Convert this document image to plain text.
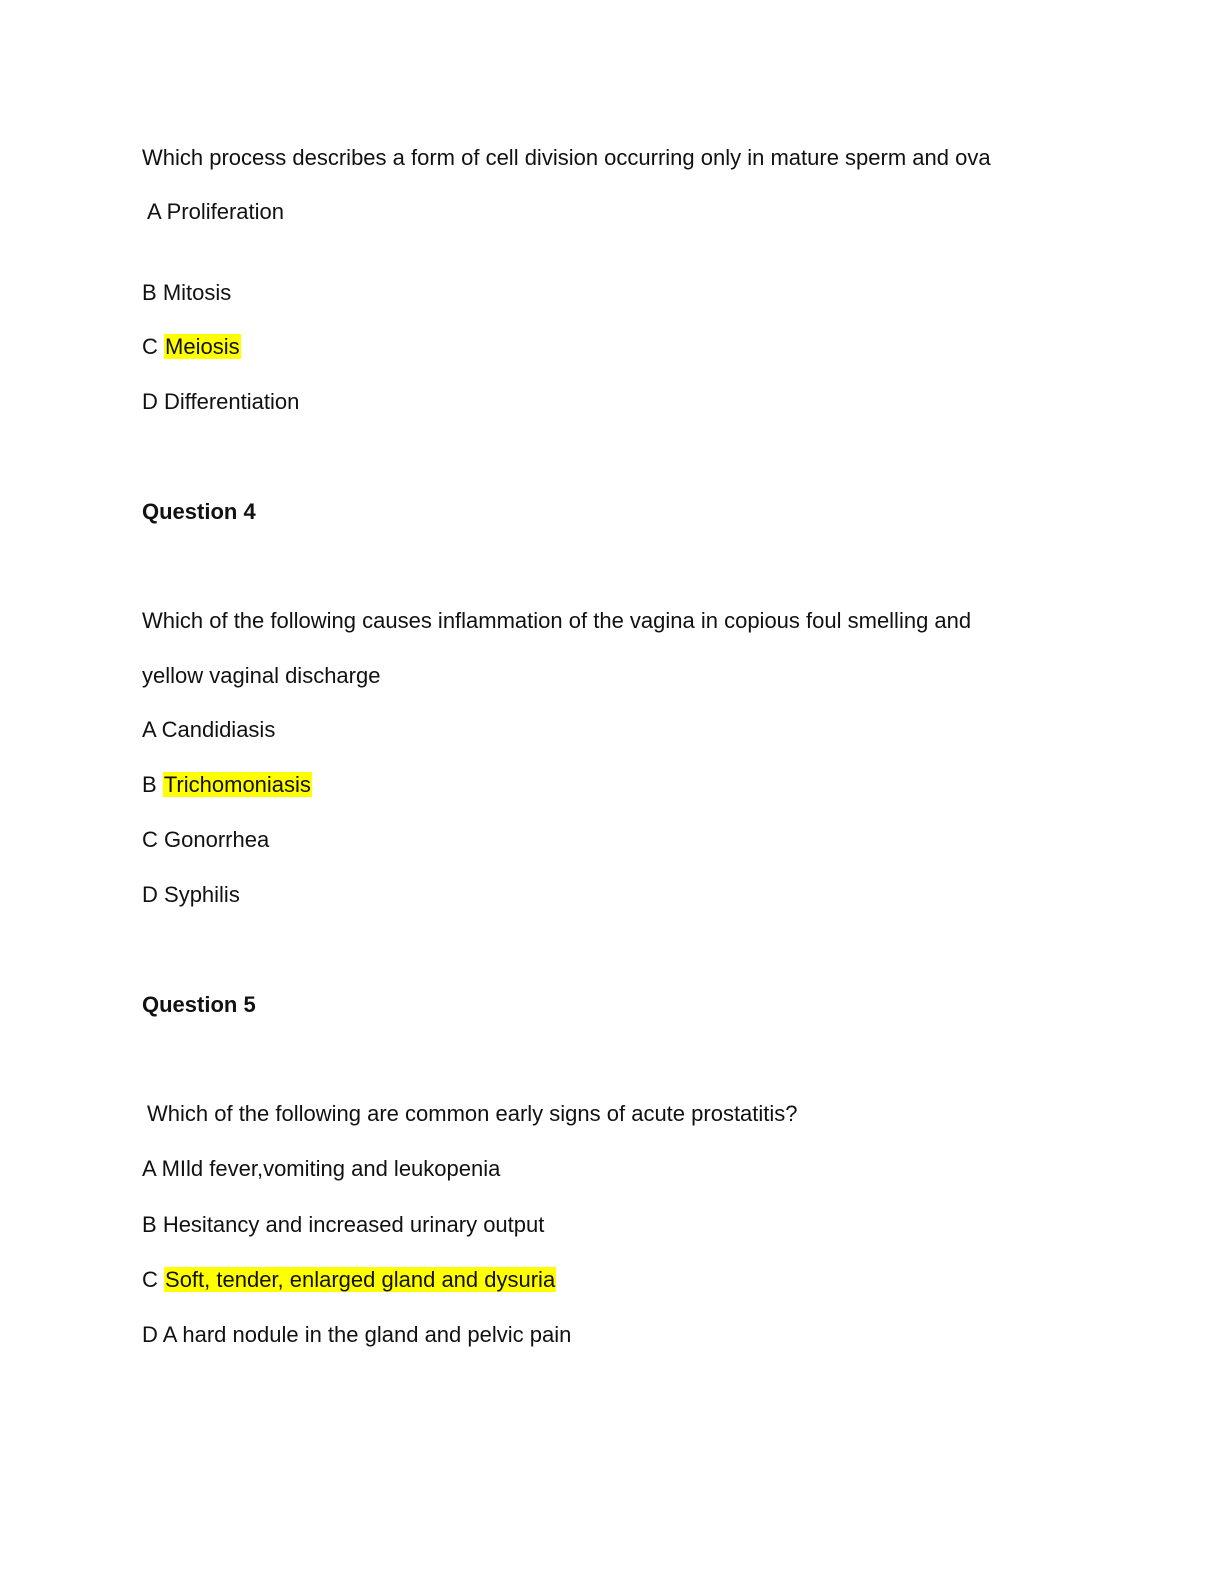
Which process describes a form of cell division occurring only in mature sperm and ova
A Proliferation
B Mitosis
C Meiosis
D Differentiation
Question 4
Which of the following causes inflammation of the vagina in copious foul smelling and
yellow vaginal discharge
A Candidiasis
B Trichomoniasis
C Gonorrhea
D Syphilis
Question 5
Which of the following are common early signs of acute prostatitis?
A MIld fever,vomiting and leukopenia
B Hesitancy and increased urinary output
C Soft, tender, enlarged gland and dysuria
D A hard nodule in the gland and pelvic pain
